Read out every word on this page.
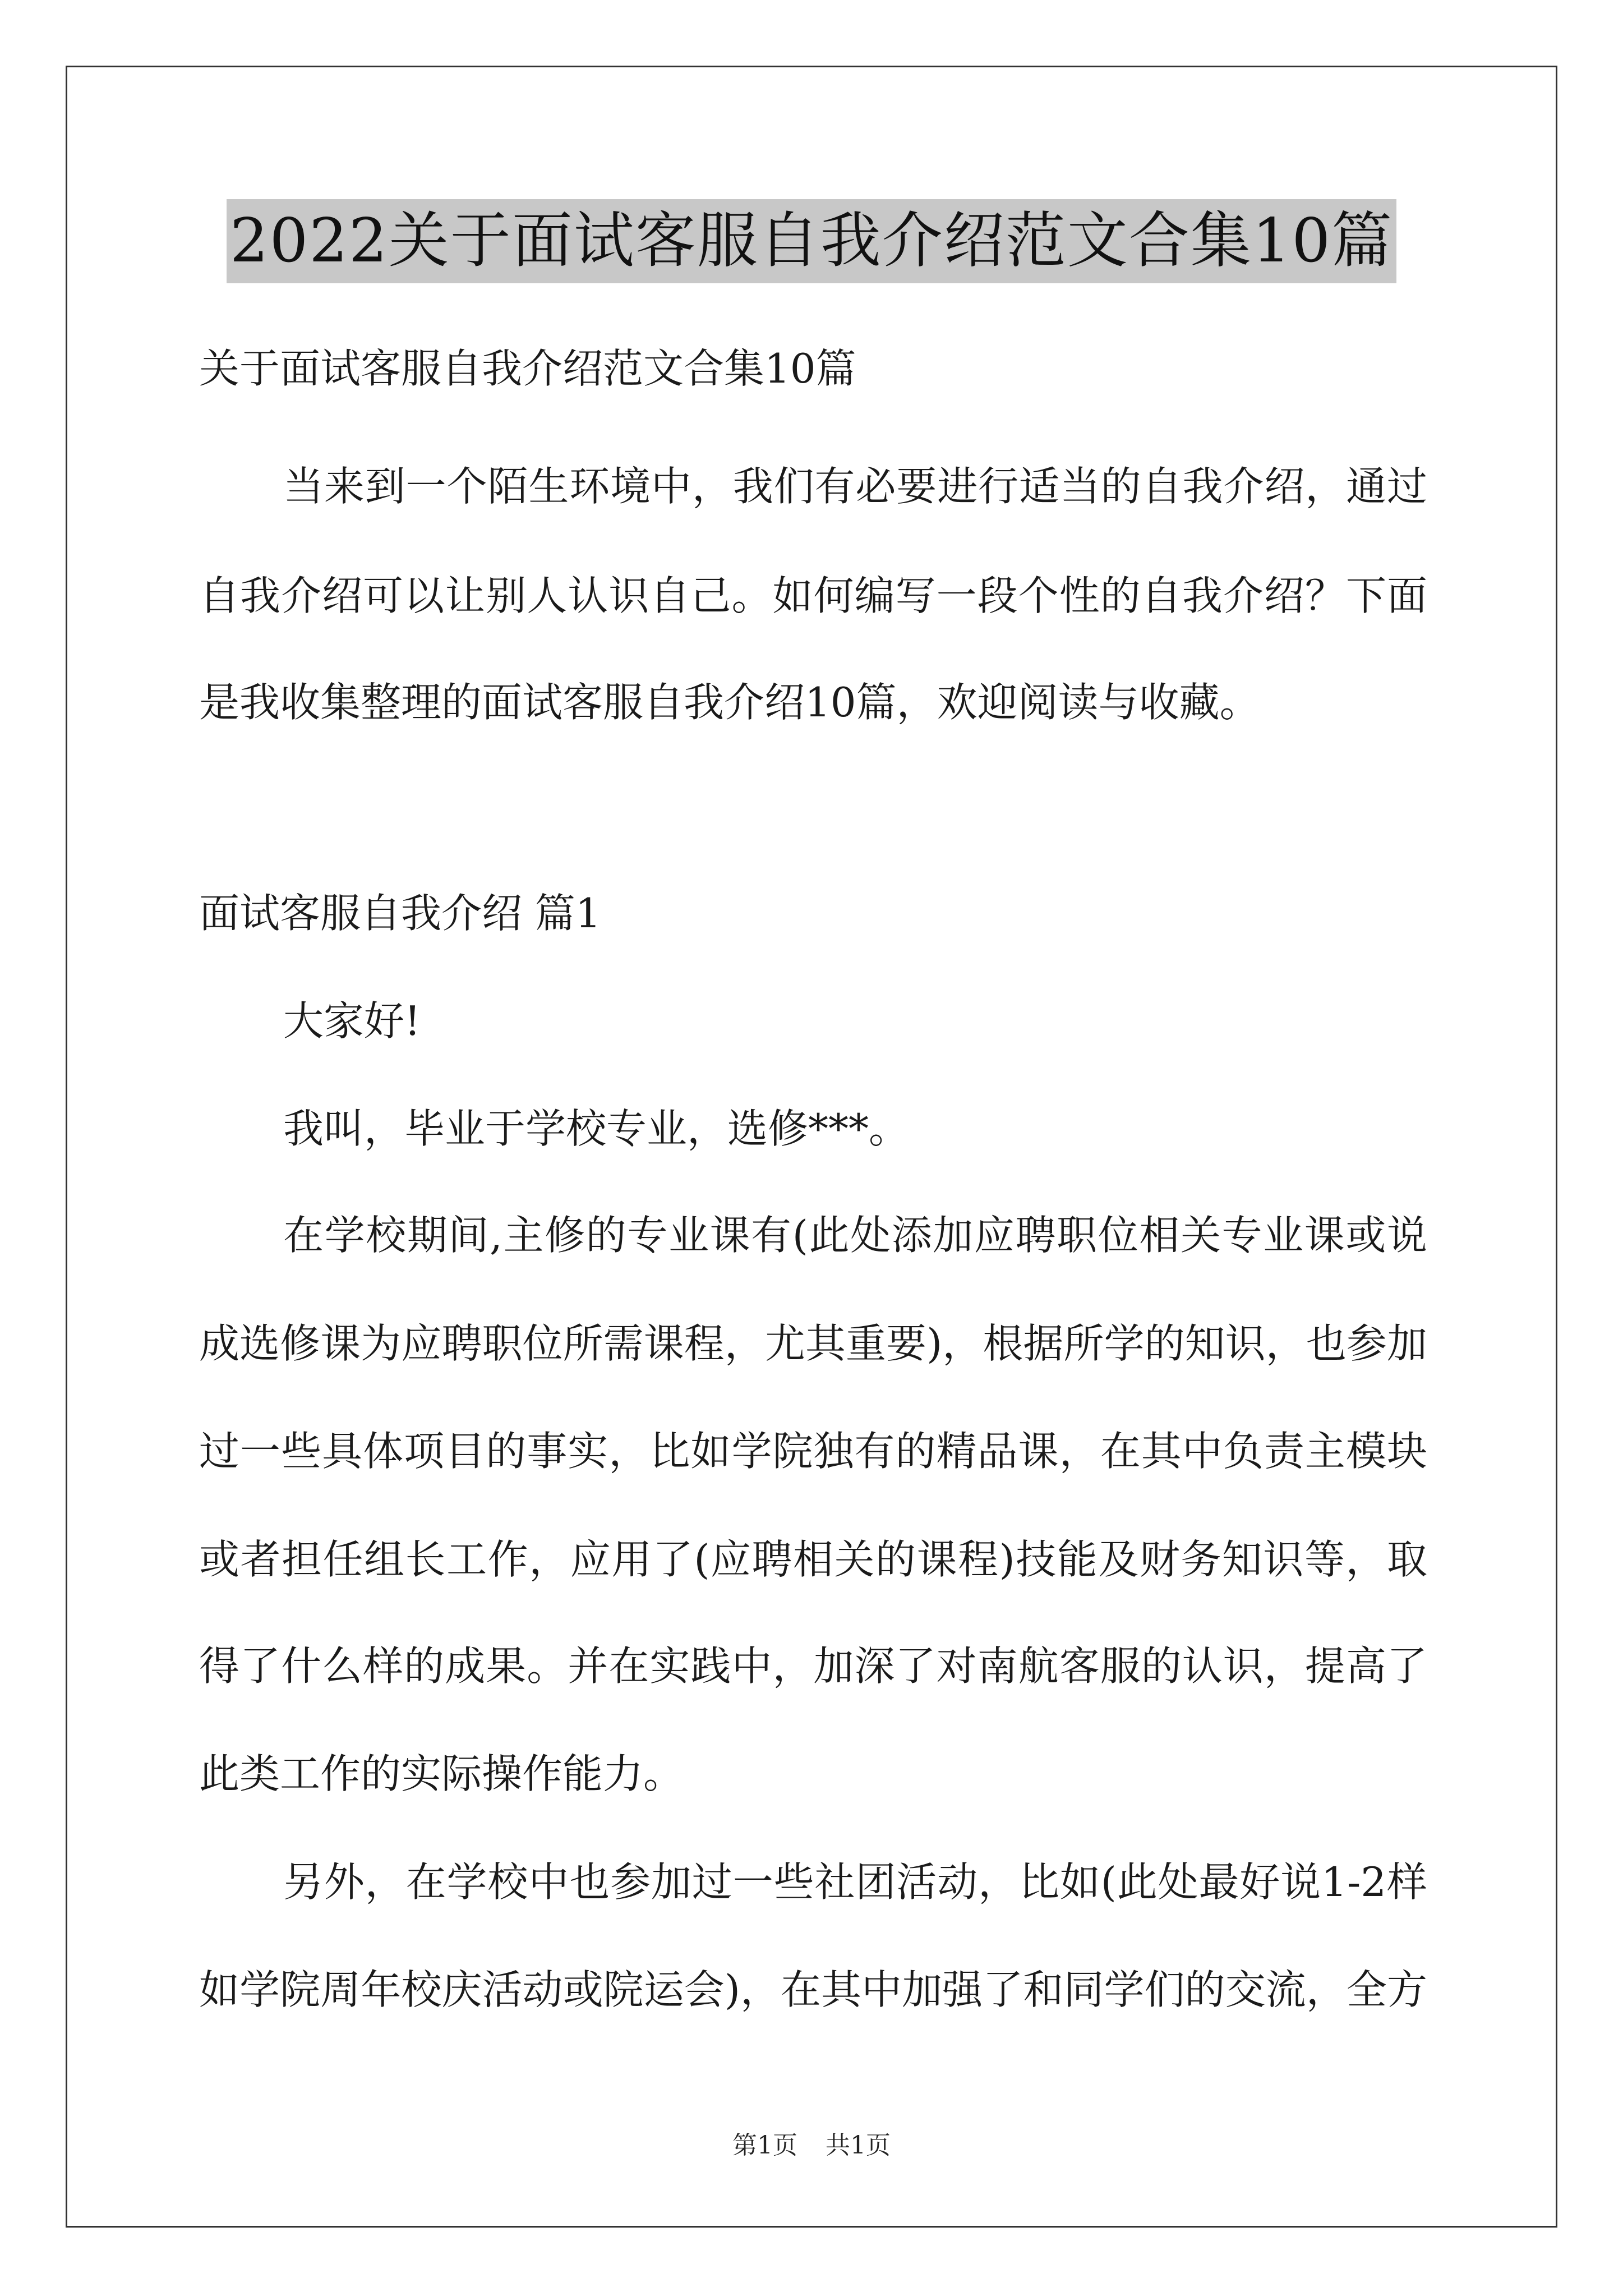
2022关于面试客服自我介绍范文合集10篇
关于面试客服自我介绍范文合集10篇
当来到一个陌生环境中，我们有必要进行适当的自我介绍，通过
自我介绍可以让别人认识自己。如何编写一段个性的自我介绍？下面
是我收集整理的面试客服自我介绍10篇，欢迎阅读与收藏。
面试客服自我介绍 篇1
大家好!
我叫，毕业于学校专业，选修***。
在学校期间,主修的专业课有(此处添加应聘职位相关专业课或说
成选修课为应聘职位所需课程，尤其重要)，根据所学的知识，也参加
过一些具体项目的事实，比如学院独有的精品课，在其中负责主模块
或者担任组长工作，应用了(应聘相关的课程)技能及财务知识等，取
得了什么样的成果。并在实践中，加深了对南航客服的认识，提高了
此类工作的实际操作能力。
另外，在学校中也参加过一些社团活动，比如(此处最好说1-2样
如学院周年校庆活动或院运会)，在其中加强了和同学们的交流，全方
第1页 共1页
